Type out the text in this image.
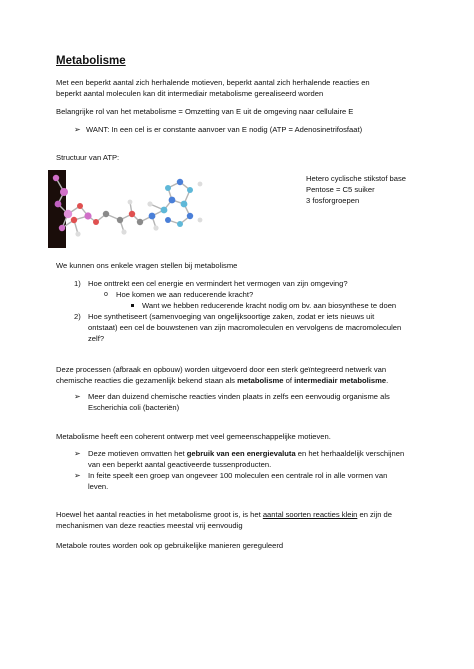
Metabolisme
Met een beperkt aantal zich herhalende motieven, beperkt aantal zich herhalende reacties en
beperkt aantal moleculen kan dit intermediair metabolisme gerealiseerd worden
Belangrijke rol van het metabolisme = Omzetting van E uit de omgeving naar cellulaire E
➢ WANT: In een cel is er constante aanvoer van E nodig (ATP = Adenosinetrifosfaat)
Structuur van ATP:
Hetero cyclische stikstof base
Pentose = C5 suiker
3 fosforgroepen
We kunnen ons enkele vragen stellen bij metabolisme
1) Hoe onttrekt een cel energie en vermindert het vermogen van zijn omgeving?
o Hoe komen we aan reducerende kracht?
Want we hebben reducerende kracht nodig om bv. aan biosynthese te doen
2) Hoe synthetiseert (samenvoeging van ongelijksoortige zaken, zodat er iets nieuws uit
ontstaat) een cel de bouwstenen van zijn macromoleculen en vervolgens de macromoleculen
zelf?
Deze processen (afbraak en opbouw) worden uitgevoerd door een sterk geïntegreerd netwerk van
chemische reacties die gezamenlijk bekend staan als metabolisme of intermediair metabolisme.
➢ Meer dan duizend chemische reacties vinden plaats in zelfs een eenvoudig organisme als
Escherichia coli (bacteriën)
Metabolisme heeft een coherent ontwerp met veel gemeenschappelijke motieven.
➢ Deze motieven omvatten het gebruik van een energievaluta en het herhaaldelijk verschijnen
van een beperkt aantal geactiveerde tussenproducten.
➢ In feite speelt een groep van ongeveer 100 moleculen een centrale rol in alle vormen van
leven.
Hoewel het aantal reacties in het metabolisme groot is, is het aantal soorten reacties klein en zijn de
mechanismen van deze reacties meestal vrij eenvoudig
Metabole routes worden ook op gebruikelijke manieren gereguleerd
